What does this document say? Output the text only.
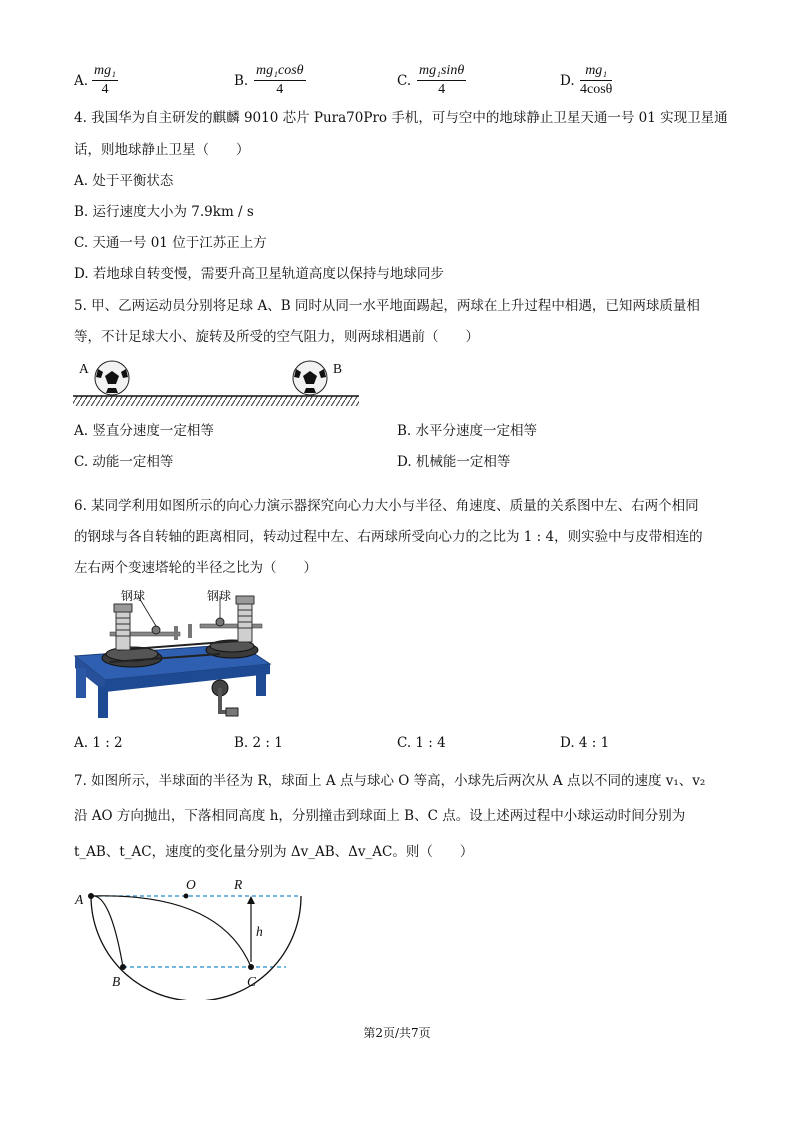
A. $\frac{\text{mg₁}}{4}$	B. $\frac{\text{mg₁cosθ}}{4}$	C. $\frac{\text{mg₁sinθ}}{4}$	D. $\frac{\text{mg₁}}{4\cos\theta}$
4. 我国华为自主研发的麒麟 9010 芯片 Pura70Pro 手机，可与空中的地球静止卫星天通一号 01 实现卫星通
话，则地球静止卫星（　　）
A. 处于平衡状态
B. 运行速度大小为 7.9km / s
C. 天通一号 01 位于江苏正上方
D. 若地球自转变慢，需要升高卫星轨道高度以保持与地球同步
5. 甲、乙两运动员分别将足球 A、B 同时从同一水平地面踢起，两球在上升过程中相遇，已知两球质量相
等，不计足球大小、旋转及所受的空气阻力，则两球相遇前（　　）
A	B
A. 竖直分速度一定相等	B. 水平分速度一定相等
C. 动能一定相等	D. 机械能一定相等
6. 某同学利用如图所示的向心力演示器探究向心力大小与半径、角速度、质量的关系图中左、右两个相同
的钢球与各自转轴的距离相同，转动过程中左、右两球所受向心力的之比为 1 : 4，则实验中与皮带相连的
左右两个变速塔轮的半径之比为（　　）
钢球	钢球
A. 1 : 2	B. 2 : 1	C. 1 : 4	D. 4 : 1
7. 如图所示，半球面的半径为 R，球面上 A 点与球心 O 等高，小球先后两次从 A 点以不同的速度 v₁、v₂
沿 AO 方向抛出，下落相同高度 h，分别撞击到球面上 B、C 点。设上述两过程中小球运动时间分别为
t_AB、t_AC，速度的变化量分别为 Δv_AB、Δv_AC。则（　　）
A
O	R
h
B	C
第2页/共7页
